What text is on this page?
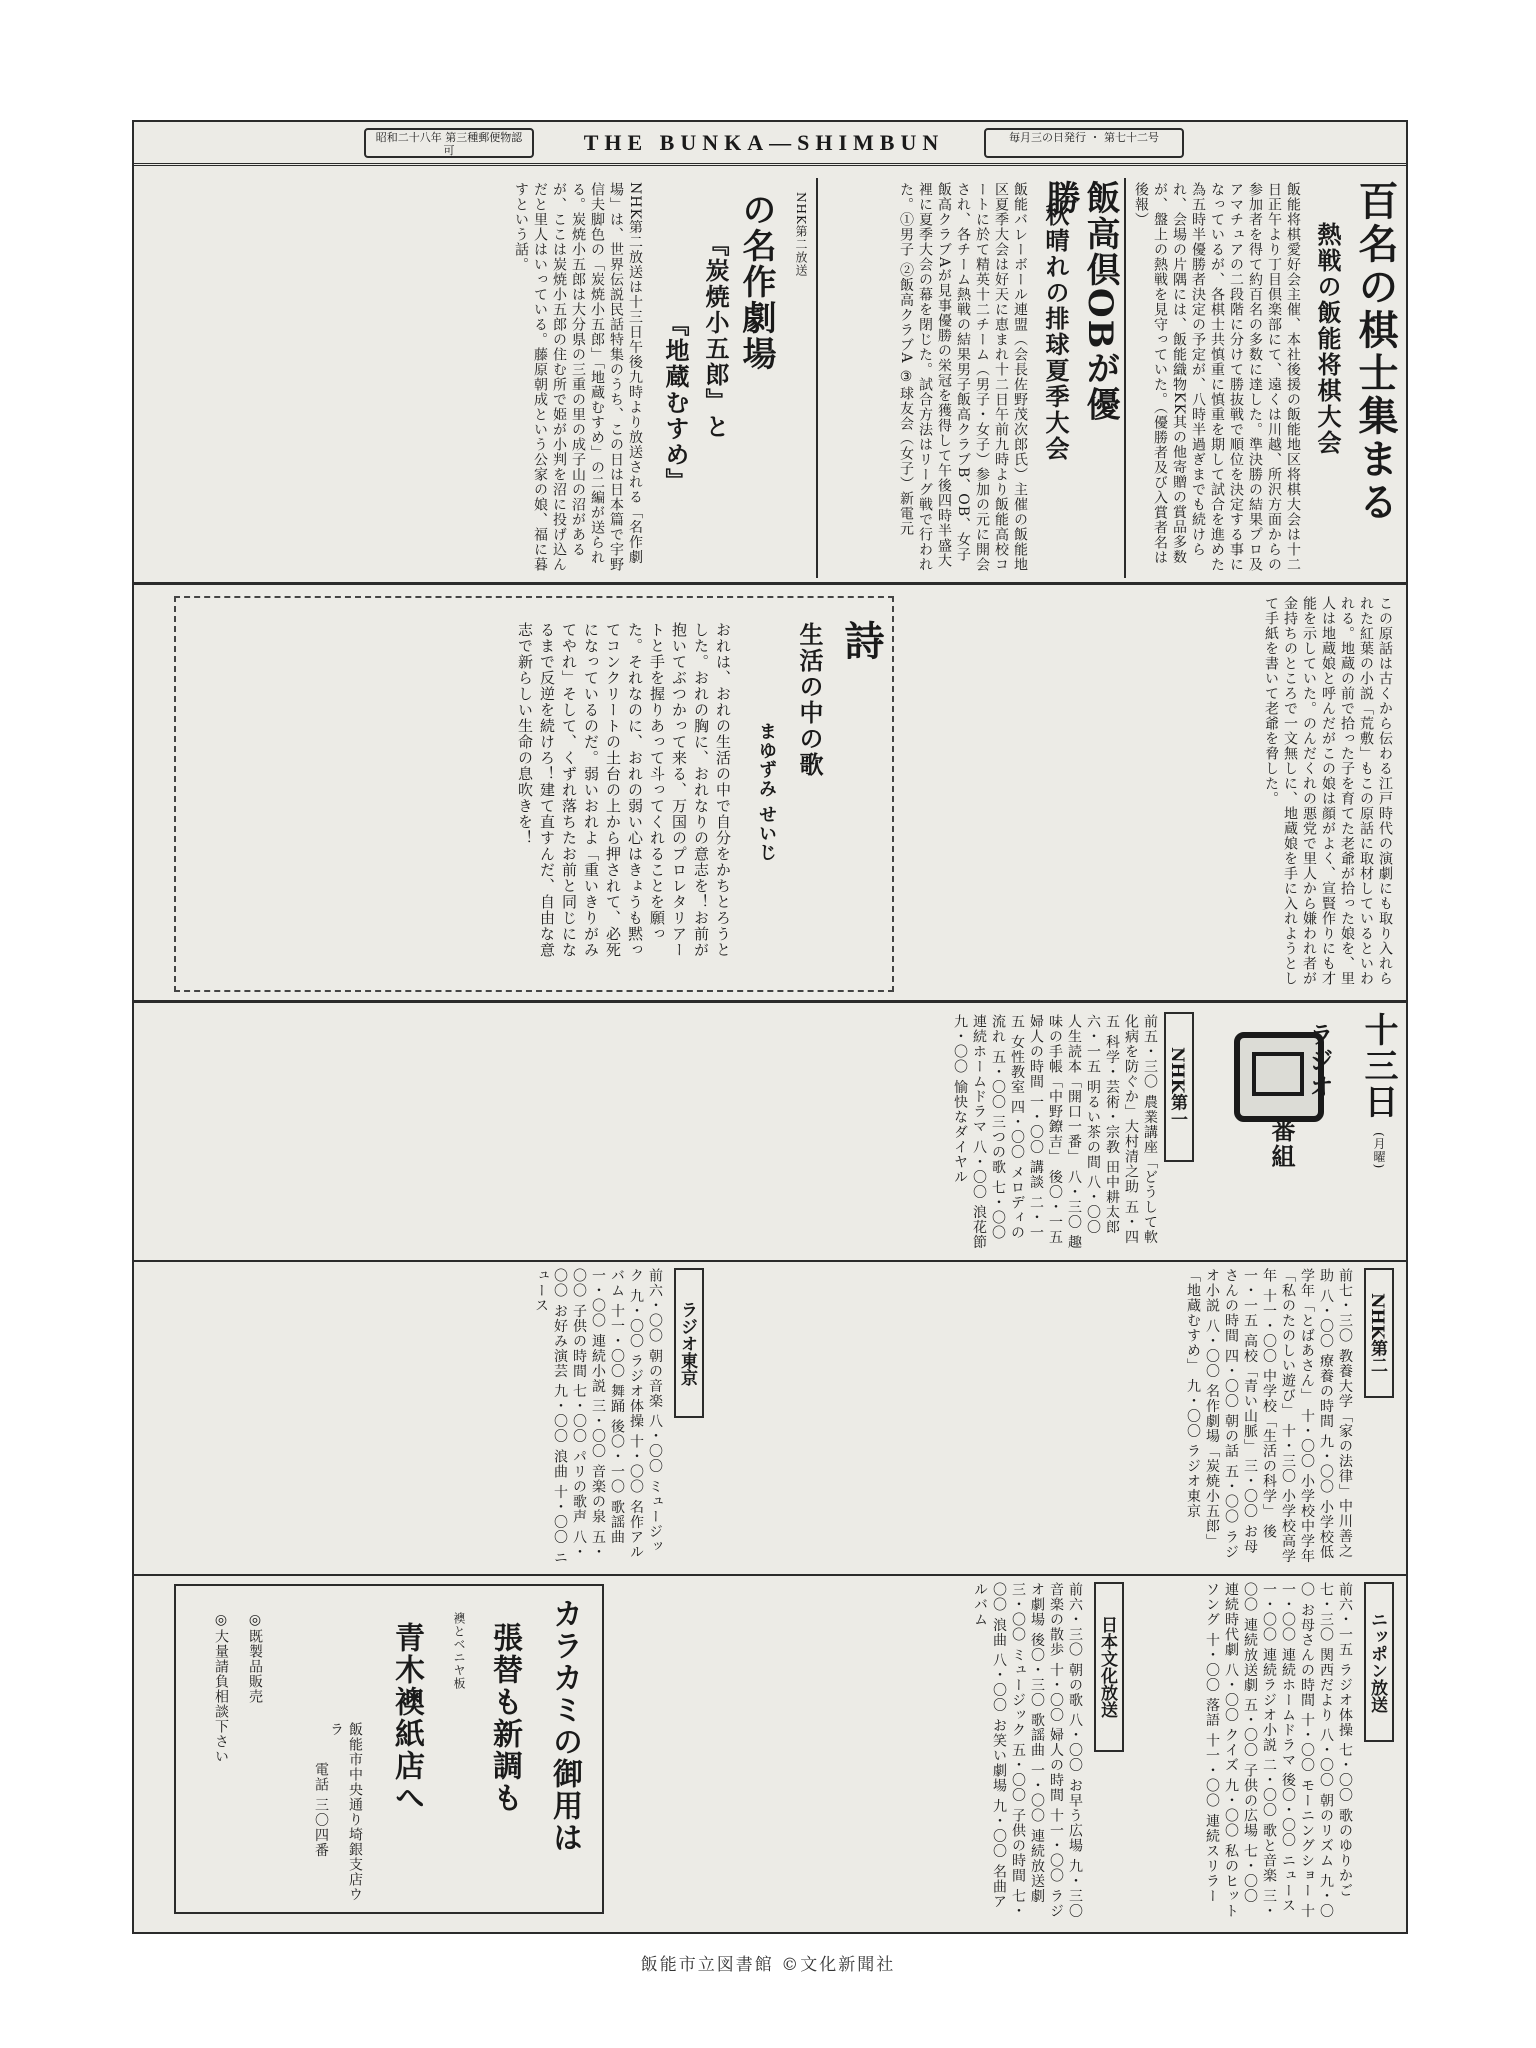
昭和二十八年 第三種郵便物認可	THE BUNKA—SHIMBUN	毎月三の日発行 ・ 第七十二号
百名の棋士集まる
熱戦の飯能将棋大会
飯能将棋愛好会主催、本社後援の飯能地区将棋大会は十二日正午より丁目倶楽部にて、遠くは川越、所沢方面からの参加者を得て約百名の多数に達した。準決勝の結果プロ及アマチュアの二段階に分けて勝抜戦で順位を決定する事になっているが、各棋士共慎重に慎重を期して試合を進めた為五時半優勝者決定の予定が、八時半過ぎまでも続けられ、会場の片隅には、飯能織物KK其の他寄贈の賞品多数が、盤上の熱戦を見守っていた。（優勝者及び入賞者名は後報）
飯高倶OBが優勝
秋晴れの排球夏季大会
飯能バレーボール連盟（会長佐野茂次郎氏）主催の飯能地区夏季大会は好天に恵まれ十二日午前九時より飯能高校コートに於て精英十二チーム（男子・女子）参加の元に開会され、各チーム熱戦の結果男子飯高クラブB、OB、女子飯高クラブAが見事優勝の栄冠を獲得して午後四時半盛大裡に夏季大会の幕を閉じた。試合方法はリーグ戦で行われた。①男子 ②飯高クラブA ③球友会（女子）新電元
NHK第二放送
の名作劇場
『炭焼小五郎』と
『地蔵むすめ』
NHK第二放送は十三日午後九時より放送される「名作劇場」は、世界伝説民話特集のうち、この日は日本篇で宇野信夫脚色の「炭焼小五郎」「地蔵むすめ」の二編が送られる。炭焼小五郎は大分県の三重の里の成子山の沼があるが、ここは炭焼小五郎の住む所で姫が小判を沼に投げ込んだと里人はいっている。藤原朝成という公家の娘、福に暮すという話。
詩
生活の中の歌
まゆずみ せいじ
おれは、おれの生活の中で自分をかちとろうとした。おれの胸に、おれなりの意志を！お前が抱いてぶつかって来る、万国のプロレタリアートと手を握りあって斗ってくれることを願った。それなのに、おれの弱い心はきょうも黙ってコンクリートの土台の上から押されて、必死になっているのだ。弱いおれよ「重いきりがみてやれ」そして、くずれ落ちたお前と同じになるまで反逆を続けろ！建て直すんだ、自由な意志で新らしい生命の息吹きを！	この原話は古くから伝わる江戸時代の演劇にも取り入れられた紅葉の小説「荒敷」もこの原話に取材しているといわれる。地蔵の前で拾った子を育てた老爺が拾った娘を、里人は地蔵娘と呼んだがこの娘は顔がよく、宣賢作りにも才能を示していた。のんだくれの悪党で里人から嫌われ者が金持ちのところで一文無しに、地蔵娘を手に入れようとして手紙を書いて老爺を脅した。
十三日
(月曜)
ラジオ
番組
NHK第一
前五・三〇 農業講座「どうして軟化病を防ぐか」大村清之助 五・四五 科学・芸術・宗教 田中耕太郎 六・一五 明るい茶の間 八・〇〇 人生読本「開口一番」 八・三〇 趣味の手帳「中野鐐吉」 後〇・一五 婦人の時間 一・〇〇 講談 二・一五 女性教室 四・〇〇 メロディの流れ 五・〇〇 三つの歌 七・〇〇 連続ホームドラマ 八・〇〇 浪花節 九・〇〇 愉快なダイヤル
NHK第二
前七・三〇 教養大学「家の法律」中川善之助 八・〇〇 療養の時間 九・〇〇 小学校低学年「とばあさん」 十・〇〇 小学校中学年「私のたのしい遊び」 十・三〇 小学校高学年 十一・〇〇 中学校「生活の科学」 後一・一五 高校「青い山脈」 三・〇〇 お母さんの時間 四・〇〇 朝の話 五・〇〇 ラジオ小説 八・〇〇 名作劇場「炭焼小五郎」「地蔵むすめ」 九・〇〇 ラジオ東京
ラジオ東京
前六・〇〇 朝の音楽 八・〇〇 ミュージック 九・〇〇 ラジオ体操 十・〇〇 名作アルバム 十一・〇〇 舞踊 後〇・一〇 歌謡曲 一・〇〇 連続小説 三・〇〇 音楽の泉 五・〇〇 子供の時間 七・〇〇 パリの歌声 八・〇〇 お好み演芸 九・〇〇 浪曲 十・〇〇 ニュース
日本文化放送
前六・三〇 朝の歌 八・〇〇 お早う広場 九・三〇 音楽の散歩 十・〇〇 婦人の時間 十一・〇〇 ラジオ劇場 後〇・三〇 歌謡曲 一・〇〇 連続放送劇 三・〇〇 ミュージック 五・〇〇 子供の時間 七・〇〇 浪曲 八・〇〇 お笑い劇場 九・〇〇 名曲アルバム
ニッポン放送
前六・一五 ラジオ体操 七・〇〇 歌のゆりかご 七・三〇 関西だより 八・〇〇 朝のリズム 九・〇〇 お母さんの時間 十・〇〇 モーニングショー 十一・〇〇 連続ホームドラマ 後〇・〇〇 ニュース 一・〇〇 連続ラジオ小説 二・〇〇 歌と音楽 三・〇〇 連続放送劇 五・〇〇 子供の広場 七・〇〇 連続時代劇 八・〇〇 クイズ 九・〇〇 私のヒットソング 十・〇〇 落語 十一・〇〇 連続スリラー
カラカミの御用は
張替も新調も
襖とベニヤ板
青木襖紙店へ
飯能市中央通り埼銀支店ウラ
電話 三〇四番
◎既製品販売
◎大量請負相談下さい
飯能市立図書館 ©文化新聞社
